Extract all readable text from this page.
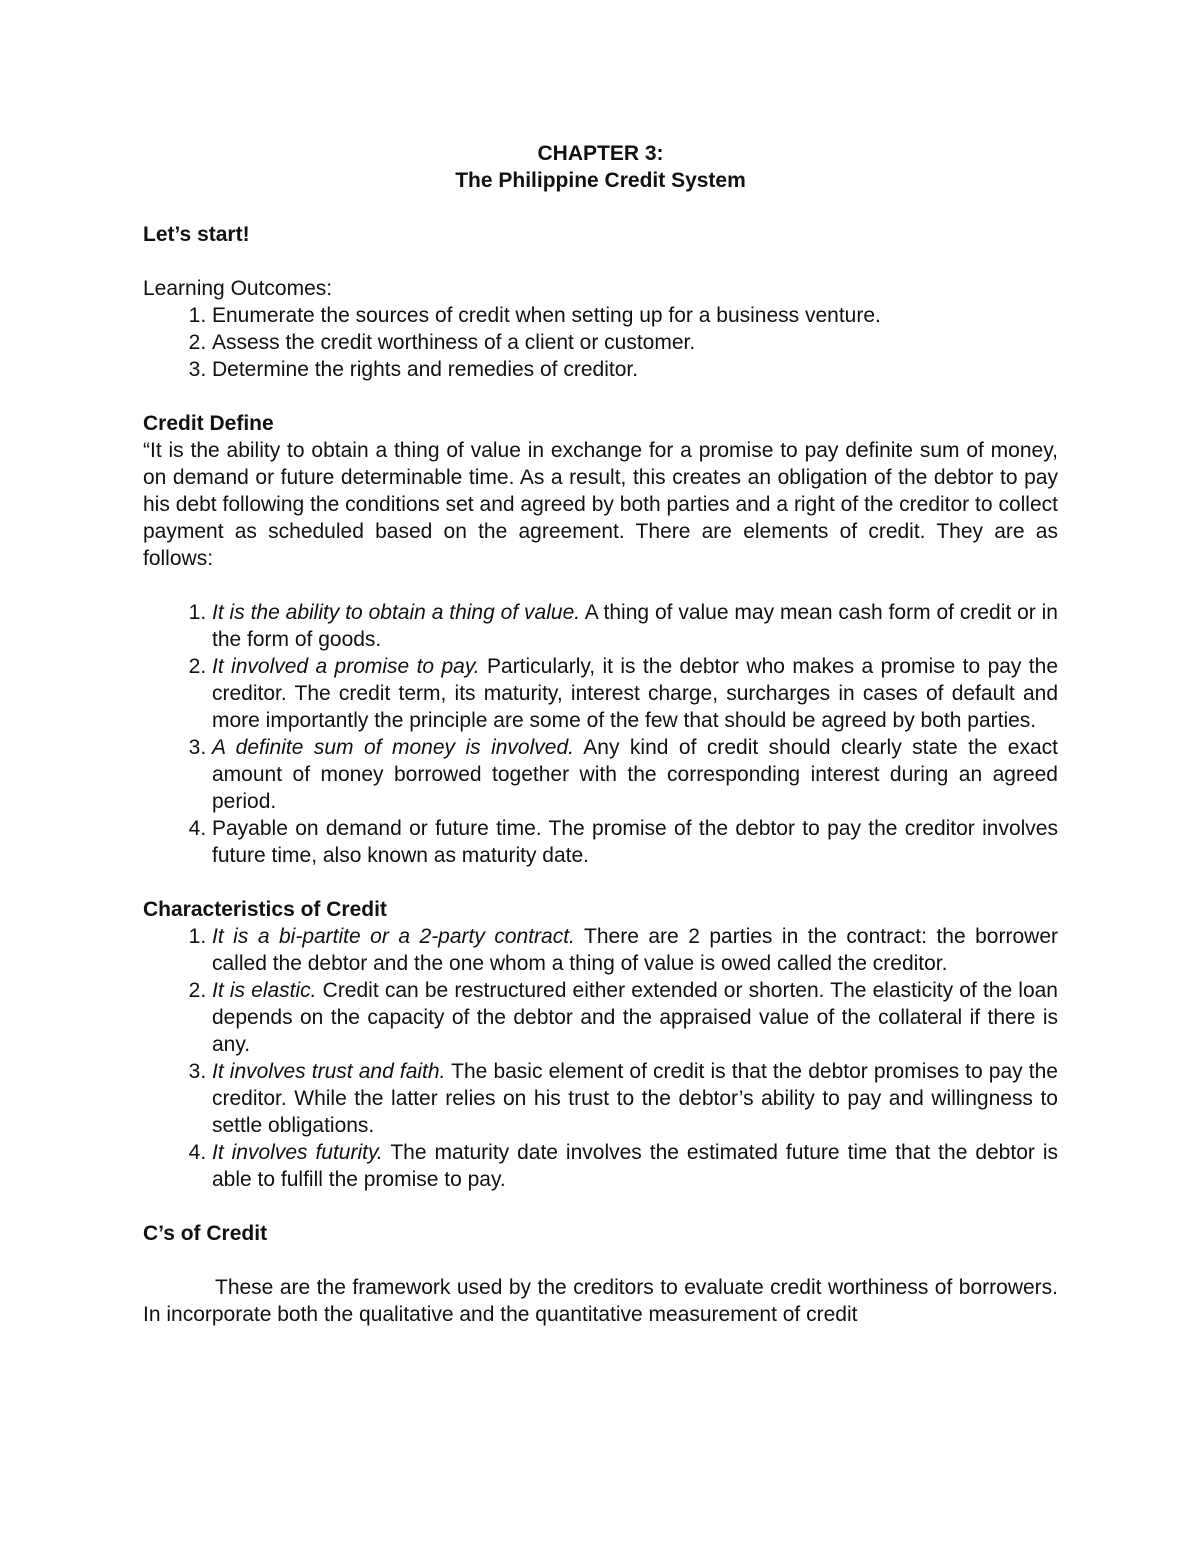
CHAPTER 3:
The Philippine Credit System
Let’s start!
Learning Outcomes:
1. Enumerate the sources of credit when setting up for a business venture.
2. Assess the credit worthiness of a client or customer.
3. Determine the rights and remedies of creditor.
Credit Define
“It is the ability to obtain a thing of value in exchange for a promise to pay definite sum of money, on demand or future determinable time. As a result, this creates an obligation of the debtor to pay his debt following the conditions set and agreed by both parties and a right of the creditor to collect payment as scheduled based on the agreement. There are elements of credit. They are as follows:
1. It is the ability to obtain a thing of value. A thing of value may mean cash form of credit or in the form of goods.
2. It involved a promise to pay. Particularly, it is the debtor who makes a promise to pay the creditor. The credit term, its maturity, interest charge, surcharges in cases of default and more importantly the principle are some of the few that should be agreed by both parties.
3. A definite sum of money is involved. Any kind of credit should clearly state the exact amount of money borrowed together with the corresponding interest during an agreed period.
4. Payable on demand or future time. The promise of the debtor to pay the creditor involves future time, also known as maturity date.
Characteristics of Credit
1. It is a bi-partite or a 2-party contract. There are 2 parties in the contract: the borrower called the debtor and the one whom a thing of value is owed called the creditor.
2. It is elastic. Credit can be restructured either extended or shorten. The elasticity of the loan depends on the capacity of the debtor and the appraised value of the collateral if there is any.
3. It involves trust and faith. The basic element of credit is that the debtor promises to pay the creditor. While the latter relies on his trust to the debtor’s ability to pay and willingness to settle obligations.
4. It involves futurity. The maturity date involves the estimated future time that the debtor is able to fulfill the promise to pay.
C’s of Credit
These are the framework used by the creditors to evaluate credit worthiness of borrowers. In incorporate both the qualitative and the quantitative measurement of credit
